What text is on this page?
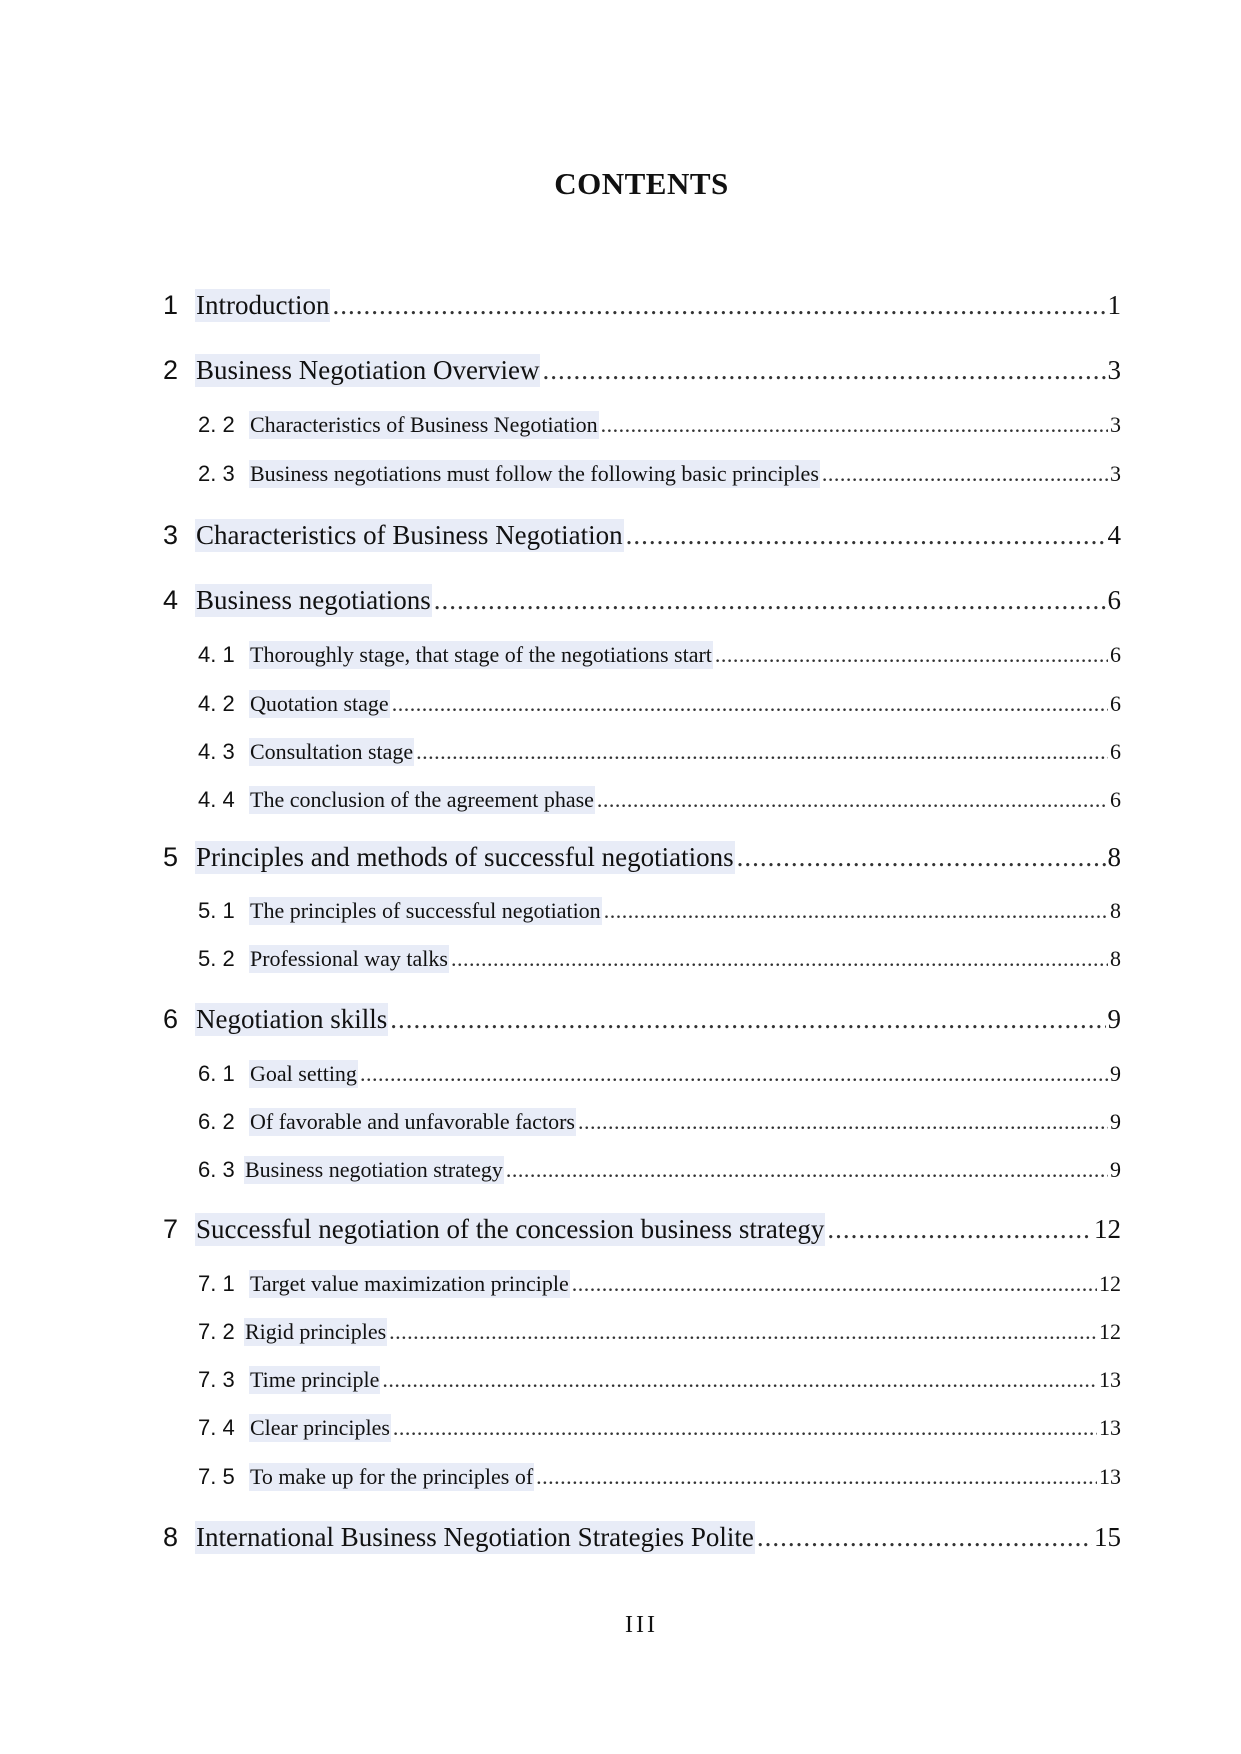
CONTENTS
1 Introduction .....	1
2 Business Negotiation Overview .....	3
2. 2 Characteristics of Business Negotiation .....	3
2. 3 Business negotiations must follow the following basic principles .....	3
3 Characteristics of Business Negotiation .....	4
4 Business negotiations .....	6
4. 1 Thoroughly stage, that stage of the negotiations start .....	6
4. 2 Quotation stage .....	6
4. 3 Consultation stage .....	6
4. 4 The conclusion of the agreement phase .....	6
5 Principles and methods of successful negotiations .....	8
5. 1 The principles of successful negotiation .....	8
5. 2 Professional way talks .....	8
6 Negotiation skills .....	9
6. 1 Goal setting .....	9
6. 2 Of favorable and unfavorable factors .....	9
6. 3 Business negotiation strategy .....	9
7 Successful negotiation of the concession business strategy .....	12
7. 1 Target value maximization principle .....	12
7. 2 Rigid principles .....	12
7. 3 Time principle .....	13
7. 4 Clear principles .....	13
7. 5 To make up for the principles of .....	13
8 International Business Negotiation Strategies Polite .....	15
III
